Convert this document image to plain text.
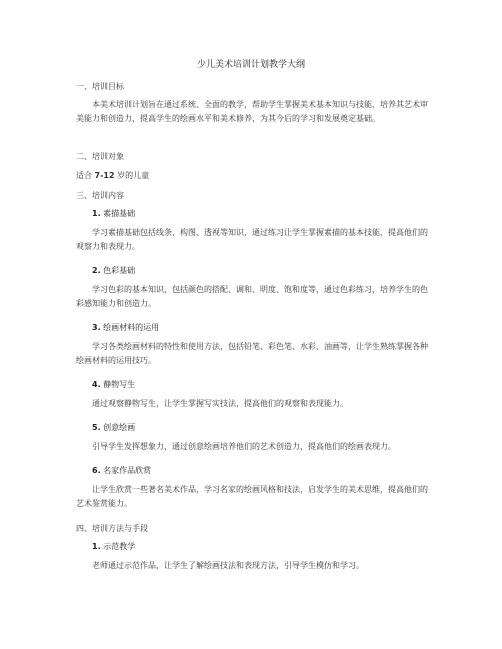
少儿美术培训计划教学大纲
一、培训目标
本美术培训计划旨在通过系统、全面的教学，帮助学生掌握美术基本知识与技能，培养其艺术审美能力和创造力，提高学生的绘画水平和美术修养，为其今后的学习和发展奠定基础。
二、培训对象
适合 7-12 岁的儿童
三、培训内容
1. 素描基础
学习素描基础包括线条、构图、透视等知识，通过练习让学生掌握素描的基本技能，提高他们的观察力和表现力。
2. 色彩基础
学习色彩的基本知识，包括颜色的搭配、调和、明度、饱和度等，通过色彩练习，培养学生的色彩感知能力和创造力。
3. 绘画材料的运用
学习各类绘画材料的特性和使用方法，包括铅笔、彩色笔、水彩、油画等，让学生熟练掌握各种绘画材料的运用技巧。
4. 静物写生
通过观察静物写生，让学生掌握写实技法，提高他们的观察和表现能力。
5. 创意绘画
引导学生发挥想象力，通过创意绘画培养他们的艺术创造力，提高他们的绘画表现力。
6. 名家作品欣赏
让学生欣赏一些著名美术作品，学习名家的绘画风格和技法，启发学生的美术思维，提高他们的艺术鉴赏能力。
四、培训方法与手段
1. 示范教学
老师通过示范作品，让学生了解绘画技法和表现方法，引导学生模仿和学习。
